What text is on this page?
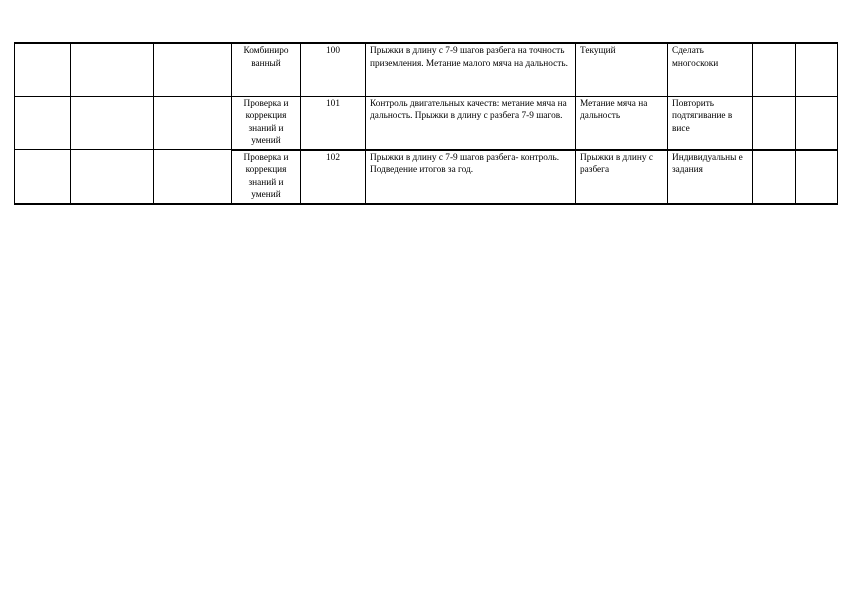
			Комбиниро ванный	100	Прыжки в длину с 7-9 шагов разбега на точность приземления. Метание малого мяча на дальность.	Текущий	Сделать многоскоки		

			Проверка и коррекция знаний и умений	101	Контроль двигательных качеств: метание мяча на дальность. Прыжки в длину с разбега 7-9 шагов.	Метание мяча на дальность	Повторить подтягивание в висе		

			Проверка и коррекция знаний и умений	102	Прыжки в длину с 7-9 шагов разбега- контроль. Подведение итогов за год.	Прыжки в длину с разбега	Индивидуальны е задания		
